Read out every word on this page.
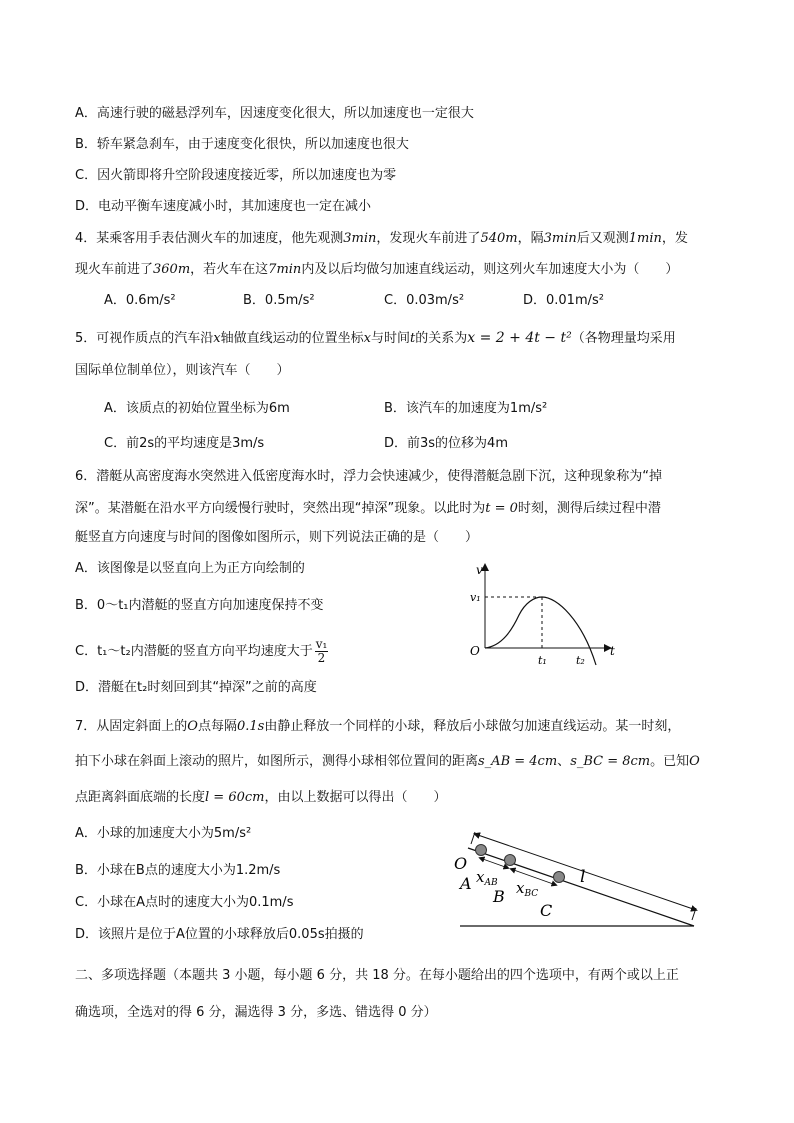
A．高速行驶的磁悬浮列车，因速度变化很大，所以加速度也一定很大
B．轿车紧急刹车，由于速度变化很快，所以加速度也很大
C．因火箭即将升空阶段速度接近零，所以加速度也为零
D．电动平衡车速度减小时，其加速度也一定在减小
4．某乘客用手表估测火车的加速度，他先观测3min，发现火车前进了540m，隔3min后又观测1min，发
现火车前进了360m，若火车在这7min内及以后均做匀加速直线运动，则这列火车加速度大小为（　　）
A．0.6m/s²	B．0.5m/s²	C．0.03m/s²	D．0.01m/s²
5．可视作质点的汽车沿x轴做直线运动的位置坐标x与时间t的关系为x = 2 + 4t − t²（各物理量均采用
国际单位制单位），则该汽车（　　）
A．该质点的初始位置坐标为6m	B．该汽车的加速度为1m/s²
C．前2s的平均速度是3m/s	D．前3s的位移为4m
6．潜艇从高密度海水突然进入低密度海水时，浮力会快速减少，使得潜艇急剧下沉，这种现象称为“掉
深”。某潜艇在沿水平方向缓慢行驶时，突然出现“掉深”现象。以此时为t = 0时刻，测得后续过程中潜
艇竖直方向速度与时间的图像如图所示，则下列说法正确的是（　　）
A．该图像是以竖直向上为正方向绘制的
B．0～t₁内潜艇的竖直方向加速度保持不变
C．t₁～t₂内潜艇的竖直方向平均速度大于 $\frac{\text{v₁}}{2}$
D．潜艇在t₂时刻回到其“掉深”之前的高度
v
v₁
O
t₁	t₂
t
7．从固定斜面上的O点每隔0.1s由静止释放一个同样的小球，释放后小球做匀加速直线运动。某一时刻，
拍下小球在斜面上滚动的照片，如图所示，测得小球相邻位置间的距离s_AB = 4cm、s_BC = 8cm。已知O
点距离斜面底端的长度l = 60cm，由以上数据可以得出（　　）
A．小球的加速度大小为5m/s²
B．小球在B点的速度大小为1.2m/s
C．小球在A点时的速度大小为0.1m/s
D．该照片是位于A位置的小球释放后0.05s拍摄的
O
A
B
C
$x_{AB}$ $x_{BC}$
l
二、多项选择题（本题共 3 小题，每小题 6 分，共 18 分。在每小题给出的四个选项中，有两个或以上正
确选项，全选对的得 6 分，漏选得 3 分，多选、错选得 0 分）
